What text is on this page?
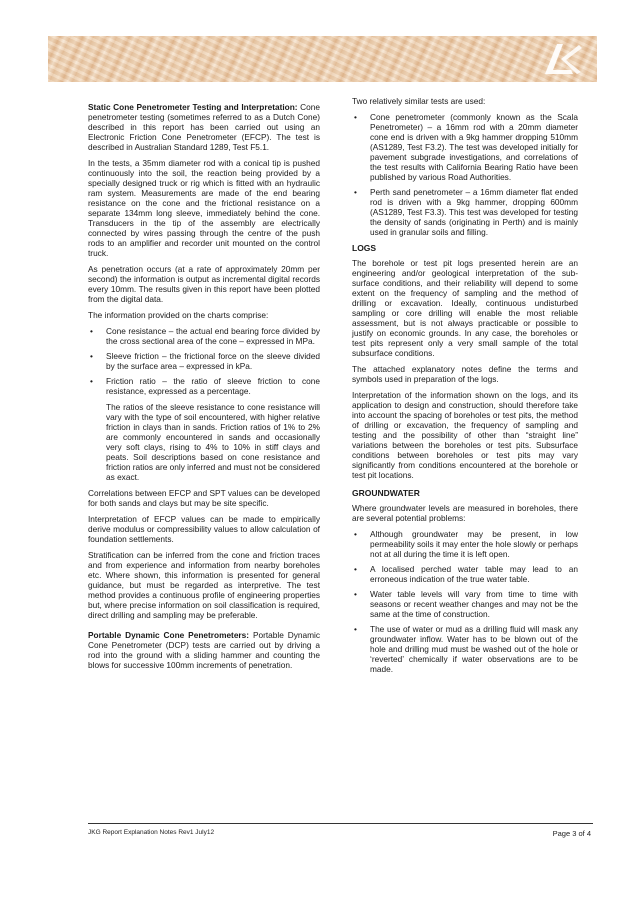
Static Cone Penetrometer Testing and Interpretation: Cone penetrometer testing (sometimes referred to as a Dutch Cone) described in this report has been carried out using an Electronic Friction Cone Penetrometer (EFCP). The test is described in Australian Standard 1289, Test F5.1.

In the tests, a 35mm diameter rod with a conical tip is pushed continuously into the soil, the reaction being provided by a specially designed truck or rig which is fitted with an hydraulic ram system. Measurements are made of the end bearing resistance on the cone and the frictional resistance on a separate 134mm long sleeve, immediately behind the cone. Transducers in the tip of the assembly are electrically connected by wires passing through the centre of the push rods to an amplifier and recorder unit mounted on the control truck.

As penetration occurs (at a rate of approximately 20mm per second) the information is output as incremental digital records every 10mm. The results given in this report have been plotted from the digital data.

The information provided on the charts comprise:

• Cone resistance – the actual end bearing force divided by the cross sectional area of the cone – expressed in MPa.
• Sleeve friction – the frictional force on the sleeve divided by the surface area – expressed in kPa.
• Friction ratio – the ratio of sleeve friction to cone resistance, expressed as a percentage.

The ratios of the sleeve resistance to cone resistance will vary with the type of soil encountered, with higher relative friction in clays than in sands. Friction ratios of 1% to 2% are commonly encountered in sands and occasionally very soft clays, rising to 4% to 10% in stiff clays and peats. Soil descriptions based on cone resistance and friction ratios are only inferred and must not be considered as exact.

Correlations between EFCP and SPT values can be developed for both sands and clays but may be site specific.

Interpretation of EFCP values can be made to empirically derive modulus or compressibility values to allow calculation of foundation settlements.

Stratification can be inferred from the cone and friction traces and from experience and information from nearby boreholes etc. Where shown, this information is presented for general guidance, but must be regarded as interpretive. The test method provides a continuous profile of engineering properties but, where precise information on soil classification is required, direct drilling and sampling may be preferable.

Portable Dynamic Cone Penetrometers: Portable Dynamic Cone Penetrometer (DCP) tests are carried out by driving a rod into the ground with a sliding hammer and counting the blows for successive 100mm increments of penetration.

Two relatively similar tests are used:

• Cone penetrometer (commonly known as the Scala Penetrometer) – a 16mm rod with a 20mm diameter cone end is driven with a 9kg hammer dropping 510mm (AS1289, Test F3.2). The test was developed initially for pavement subgrade investigations, and correlations of the test results with California Bearing Ratio have been published by various Road Authorities.
• Perth sand penetrometer – a 16mm diameter flat ended rod is driven with a 9kg hammer, dropping 600mm (AS1289, Test F3.3). This test was developed for testing the density of sands (originating in Perth) and is mainly used in granular soils and filling.
LOGS

The borehole or test pit logs presented herein are an engineering and/or geological interpretation of the sub-surface conditions, and their reliability will depend to some extent on the frequency of sampling and the method of drilling or excavation. Ideally, continuous undisturbed sampling or core drilling will enable the most reliable assessment, but is not always practicable or possible to justify on economic grounds. In any case, the boreholes or test pits represent only a very small sample of the total subsurface conditions.

The attached explanatory notes define the terms and symbols used in preparation of the logs.

Interpretation of the information shown on the logs, and its application to design and construction, should therefore take into account the spacing of boreholes or test pits, the method of drilling or excavation, the frequency of sampling and testing and the possibility of other than “straight line” variations between the boreholes or test pits. Subsurface conditions between boreholes or test pits may vary significantly from conditions encountered at the borehole or test pit locations.

GROUNDWATER

Where groundwater levels are measured in boreholes, there are several potential problems:

• Although groundwater may be present, in low permeability soils it may enter the hole slowly or perhaps not at all during the time it is left open.
• A localised perched water table may lead to an erroneous indication of the true water table.
• Water table levels will vary from time to time with seasons or recent weather changes and may not be the same at the time of construction.
• The use of water or mud as a drilling fluid will mask any groundwater inflow. Water has to be blown out of the hole and drilling mud must be washed out of the hole or ‘reverted’ chemically if water observations are to be made.
JKG Report Explanation Notes Rev1 July12	Page 3 of 4
